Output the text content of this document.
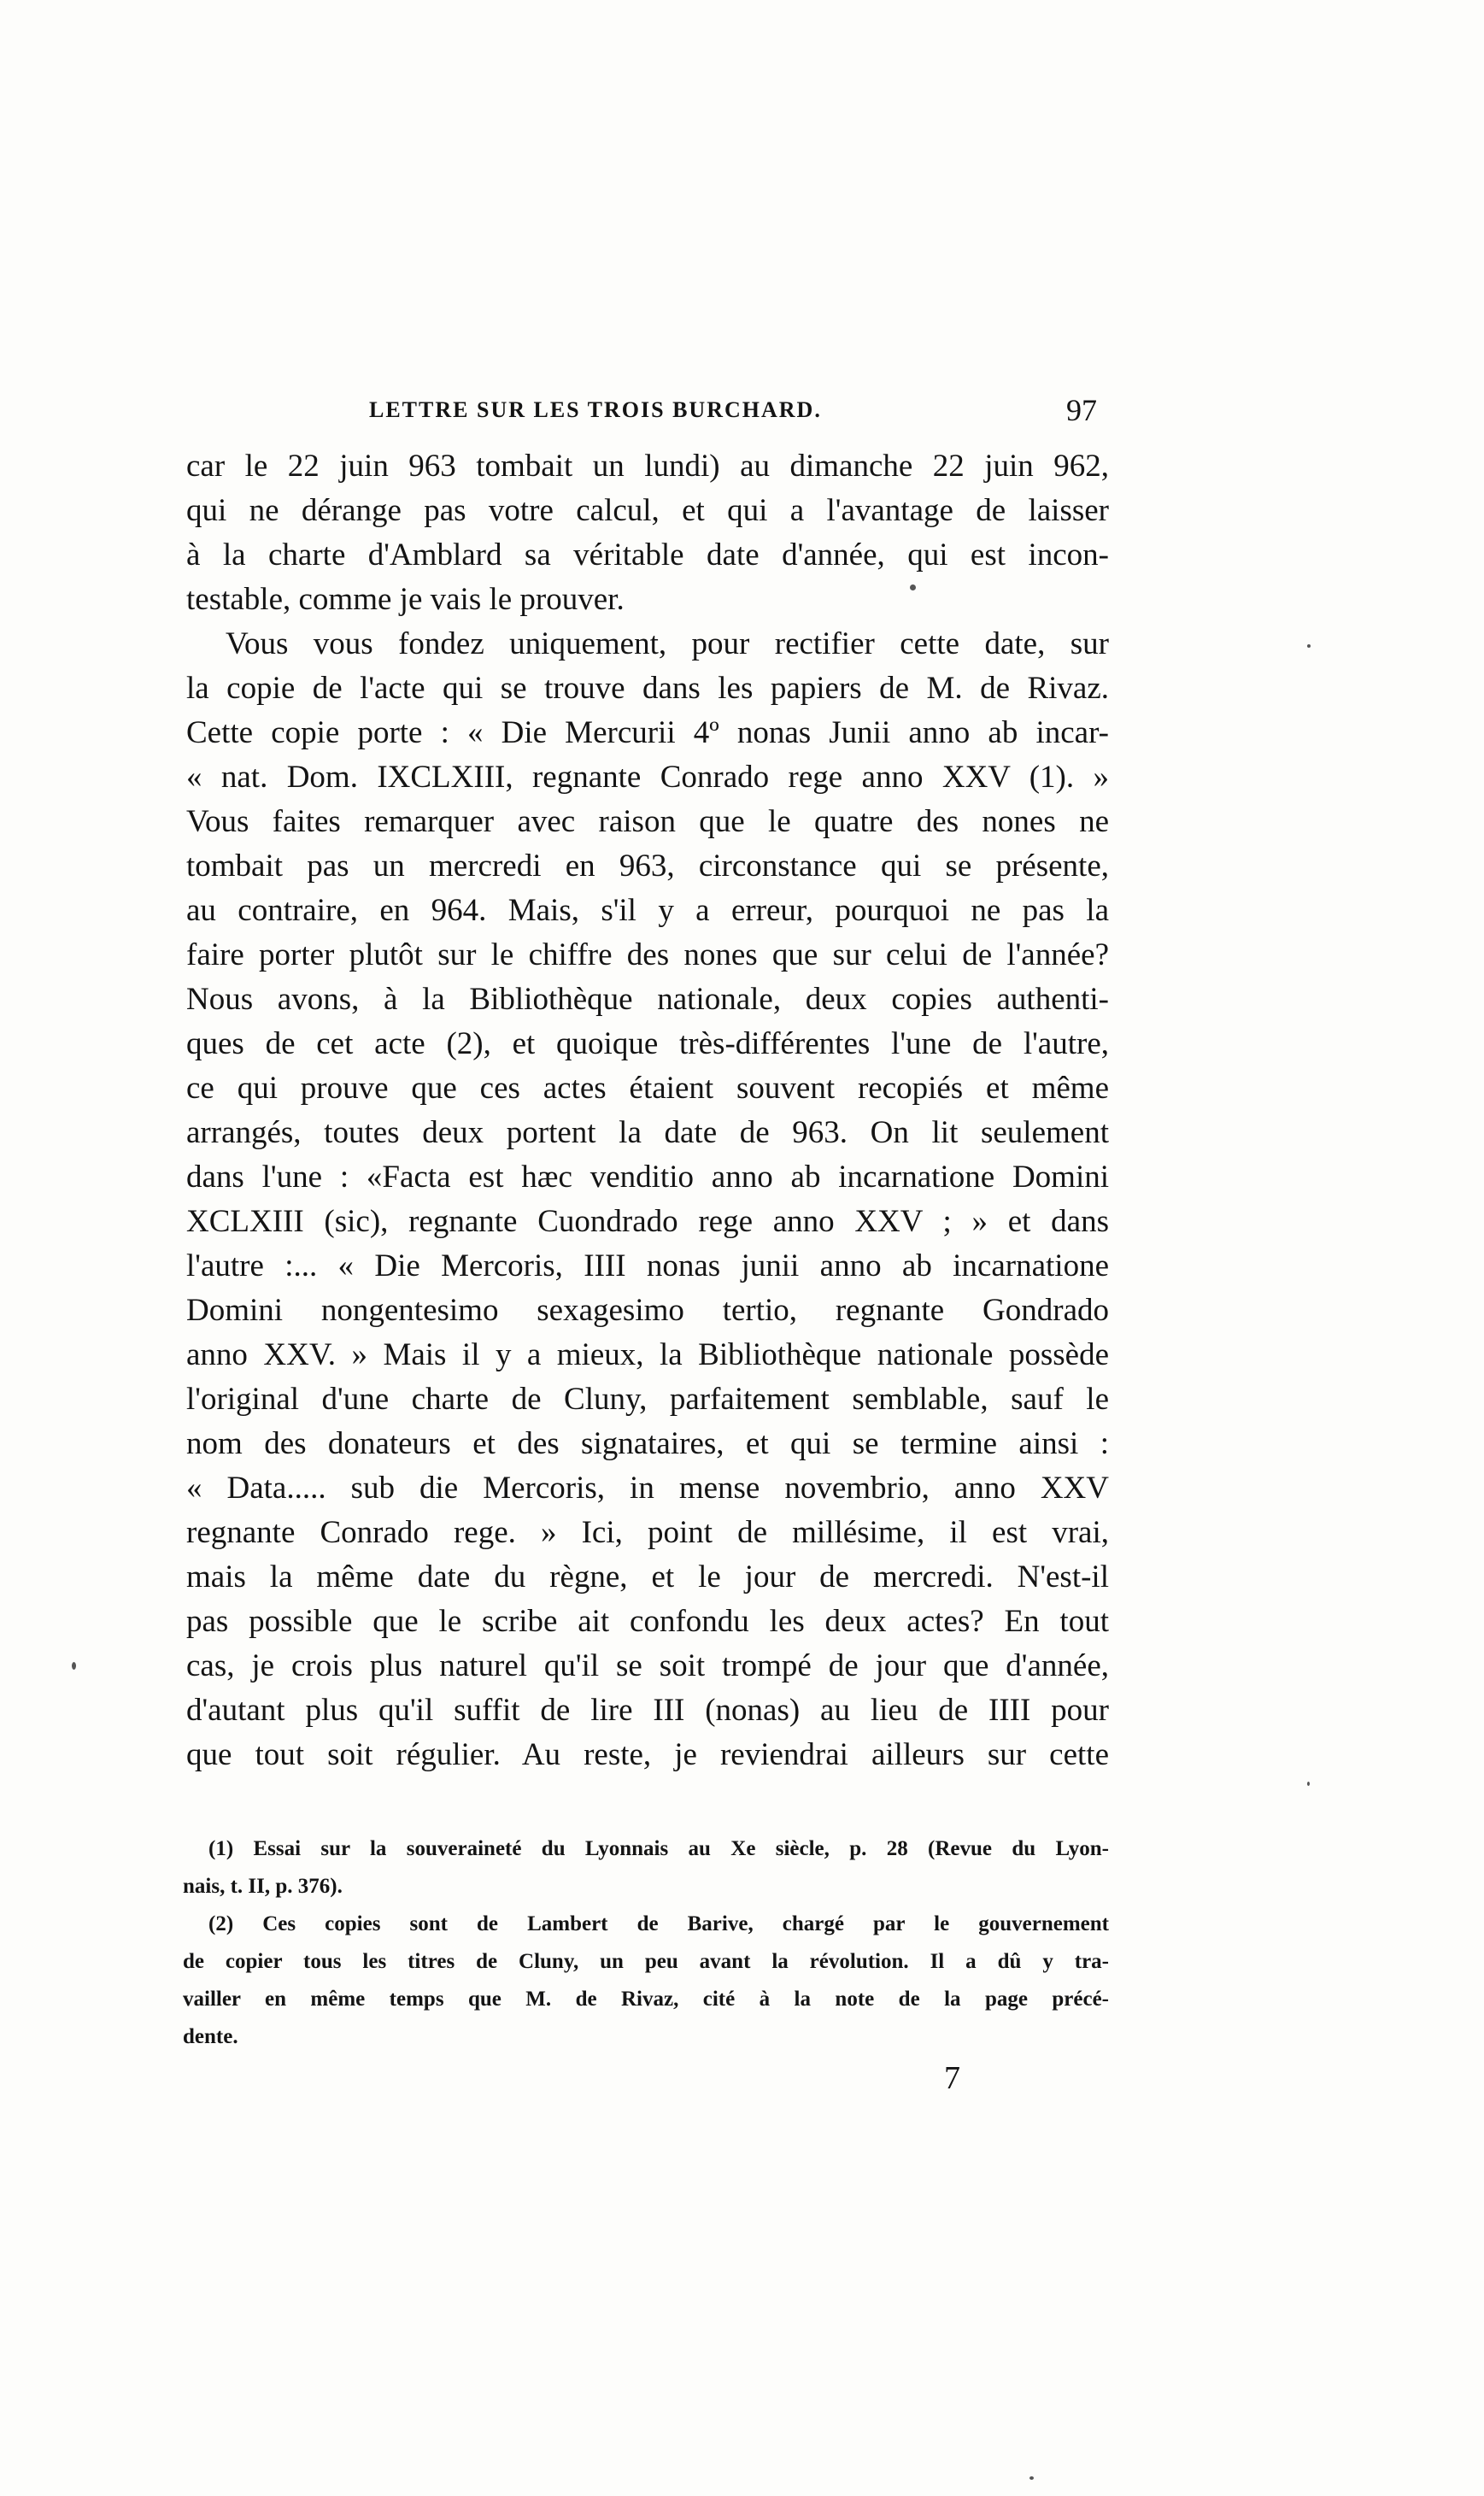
LETTRE SUR LES TROIS BURCHARD.	97
car le 22 juin 963 tombait un lundi) au dimanche 22 juin 962,
qui ne dérange pas votre calcul, et qui a l'avantage de laisser
à la charte d'Amblard sa véritable date d'année, qui est incon-
testable, comme je vais le prouver.
Vous vous fondez uniquement, pour rectifier cette date, sur
la copie de l'acte qui se trouve dans les papiers de M. de Rivaz.
Cette copie porte : « Die Mercurii 4º nonas Junii anno ab incar-
« nat. Dom. IXCLXIII, regnante Conrado rege anno XXV (1). »
Vous faites remarquer avec raison que le quatre des nones ne
tombait pas un mercredi en 963, circonstance qui se présente,
au contraire, en 964. Mais, s'il y a erreur, pourquoi ne pas la
faire porter plutôt sur le chiffre des nones que sur celui de l'année?
Nous avons, à la Bibliothèque nationale, deux copies authenti-
ques de cet acte (2), et quoique très-différentes l'une de l'autre,
ce qui prouve que ces actes étaient souvent recopiés et même
arrangés, toutes deux portent la date de 963. On lit seulement
dans l'une : «Facta est hæc venditio anno ab incarnatione Domini
XCLXIII (sic), regnante Cuondrado rege anno XXV ; » et dans
l'autre :... « Die Mercoris, IIII nonas junii anno ab incarnatione
Domini nongentesimo sexagesimo tertio, regnante Gondrado
anno XXV. » Mais il y a mieux, la Bibliothèque nationale possède
l'original d'une charte de Cluny, parfaitement semblable, sauf le
nom des donateurs et des signataires, et qui se termine ainsi :
« Data..... sub die Mercoris, in mense novembrio, anno XXV
regnante Conrado rege. » Ici, point de millésime, il est vrai,
mais la même date du règne, et le jour de mercredi. N'est-il
pas possible que le scribe ait confondu les deux actes? En tout
cas, je crois plus naturel qu'il se soit trompé de jour que d'année,
d'autant plus qu'il suffit de lire III (nonas) au lieu de IIII pour
que tout soit régulier. Au reste, je reviendrai ailleurs sur cette
(1) Essai sur la souveraineté du Lyonnais au Xe siècle, p. 28 (Revue du Lyon-
nais, t. II, p. 376).
(2) Ces copies sont de Lambert de Barive, chargé par le gouvernement
de copier tous les titres de Cluny, un peu avant la révolution. Il a dû y tra-
vailler en même temps que M. de Rivaz, cité à la note de la page précé-
dente.
7
